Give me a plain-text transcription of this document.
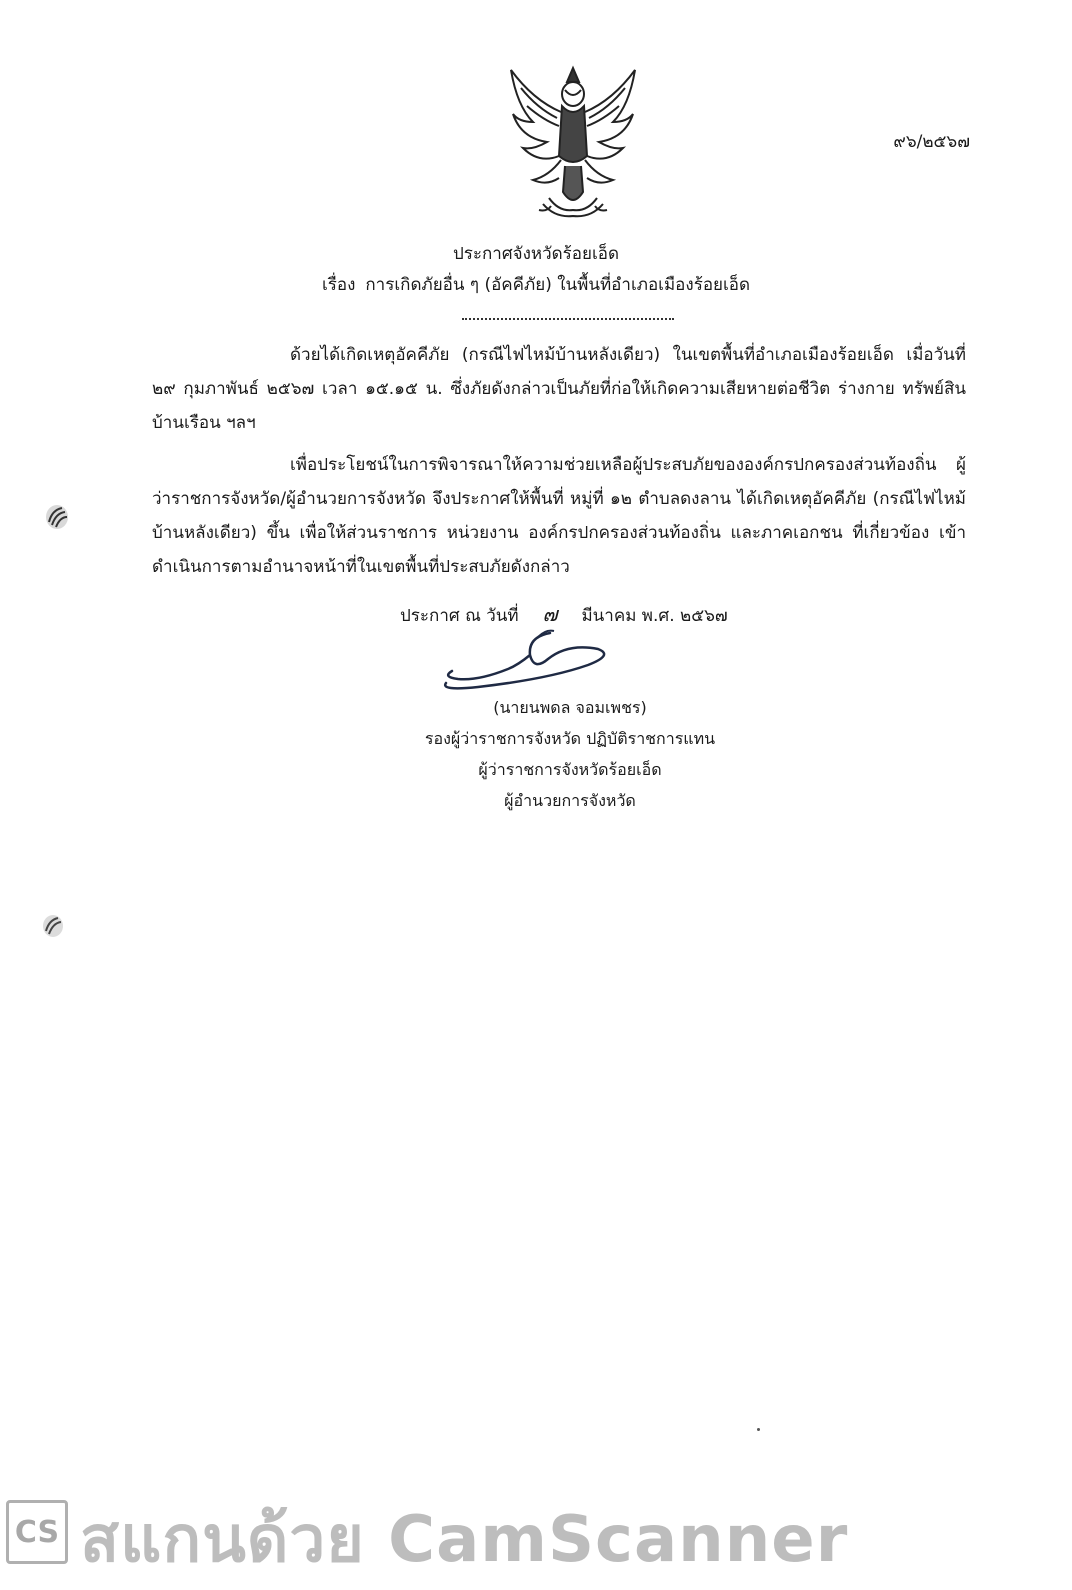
๙๖/๒๕๖๗
ประกาศจังหวัดร้อยเอ็ด
เรื่อง การเกิดภัยอื่น ๆ (อัคคีภัย) ในพื้นที่อำเภอเมืองร้อยเอ็ด

ด้วยได้เกิดเหตุอัคคีภัย (กรณีไฟไหม้บ้านหลังเดียว) ในเขตพื้นที่อำเภอเมืองร้อยเอ็ด เมื่อวันที่ ๒๙ กุมภาพันธ์ ๒๕๖๗ เวลา ๑๕.๑๕ น. ซึ่งภัยดังกล่าวเป็นภัยที่ก่อให้เกิดความเสียหายต่อชีวิต ร่างกาย ทรัพย์สิน บ้านเรือน ฯลฯ

เพื่อประโยชน์ในการพิจารณาให้ความช่วยเหลือผู้ประสบภัยขององค์กรปกครองส่วนท้องถิ่น ผู้ว่าราชการจังหวัด/ผู้อำนวยการจังหวัด จึงประกาศให้พื้นที่ หมู่ที่ ๑๒ ตำบลดงลาน ได้เกิดเหตุอัคคีภัย (กรณีไฟไหม้บ้านหลังเดียว) ขึ้น เพื่อให้ส่วนราชการ หน่วยงาน องค์กรปกครองส่วนท้องถิ่น และภาคเอกชน ที่เกี่ยวข้อง เข้าดำเนินการตามอำนาจหน้าที่ในเขตพื้นที่ประสบภัยดังกล่าว

ประกาศ ณ วันที่ ๗ มีนาคม พ.ศ. ๒๕๖๗
(นายนพดล จอมเพชร)
รองผู้ว่าราชการจังหวัด ปฏิบัติราชการแทน
ผู้ว่าราชการจังหวัดร้อยเอ็ด
ผู้อำนวยการจังหวัด
CS สแกนด้วย CamScanner
